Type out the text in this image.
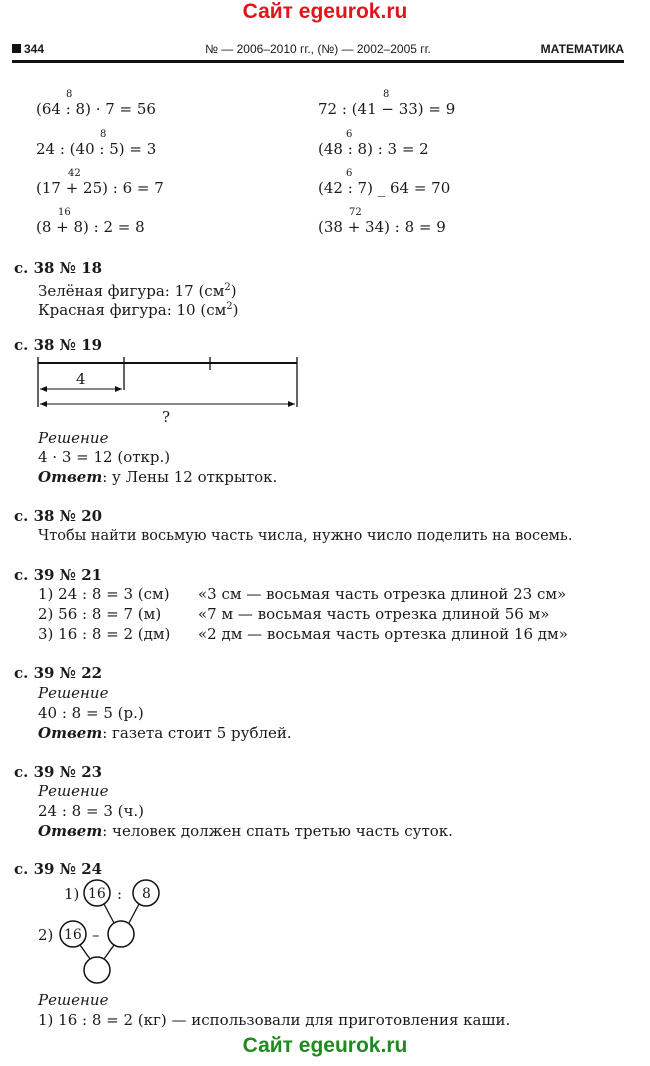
Сайт egeurok.ru
344	№ — 2006–2010 гг., (№) — 2002–2005 гг.	МАТЕМАТИКА
8
(64 : 8) · 7 = 56
8
72 : (41 − 33) = 9
8
24 : (40 : 5) = 3
6
(48 : 8) : 3 = 2
42
(17 + 25) : 6 = 7
6
(42 : 7) _ 64 = 70
16
(8 + 8) : 2 = 8
72
(38 + 34) : 8 = 9
с. 38 № 18
Зелёная фигура: 17 $(см^2)$
Красная фигура: 10 $(см^2)$
с. 38 № 19
4
?
Решение
4 · 3 = 12 (откр.)
Ответ: у Лены 12 открыток.
с. 38 № 20
Чтобы найти восьмую часть числа, нужно число поделить на восемь.
с. 39 № 21
1) 24 : 8 = 3 (см) «3 см — восьмая часть отрезка длиной 23 см»
2) 56 : 8 = 7 (м) «7 м — восьмая часть отрезка длиной 56 м»
3) 16 : 8 = 2 (дм) «2 дм — восьмая часть ортезка длиной 16 дм»
с. 39 № 22
Решение
40 : 8 = 5 (р.)
Ответ: газета стоит 5 рублей.
с. 39 № 23
Решение
24 : 8 = 3 (ч.)
Ответ: человек должен спать третью часть суток.
с. 39 № 24
1) 16 : 8
2) 16 –
Решение
1) 16 : 8 = 2 (кг) — использовали для приготовления каши.
Сайт egeurok.ru
